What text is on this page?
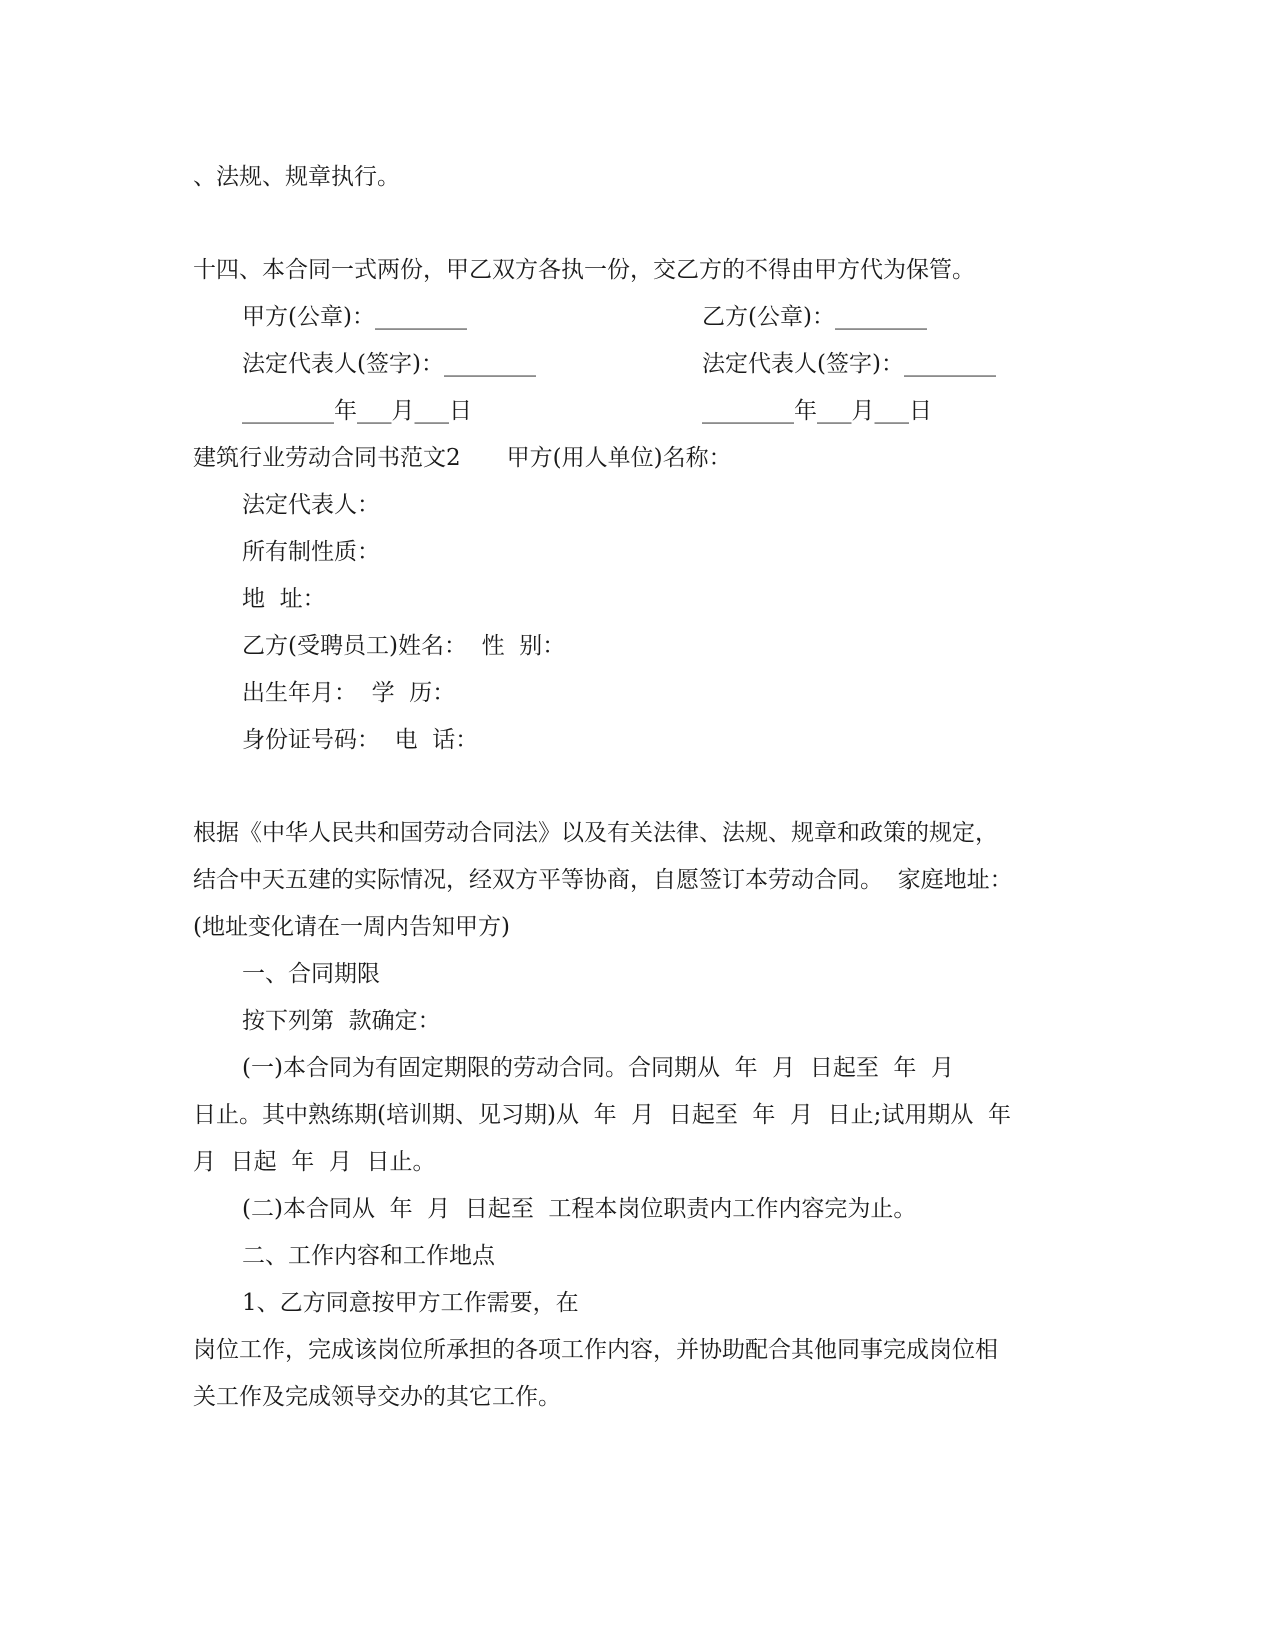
、法规、规章执行。
十四、本合同一式两份，甲乙双方各执一份，交乙方的不得由甲方代为保管。
甲方(公章)：________	乙方(公章)：________
法定代表人(签字)：________	法定代表人(签字)：________
________年___月___日	________年___月___日
建筑行业劳动合同书范文2　　甲方(用人单位)名称：
法定代表人：
所有制性质：
地  址：
乙方(受聘员工)姓名：  性  别：
出生年月：  学  历：
身份证号码：  电  话：
根据《中华人民共和国劳动合同法》以及有关法律、法规、规章和政策的规定，
结合中天五建的实际情况，经双方平等协商，自愿签订本劳动合同。  家庭地址：
(地址变化请在一周内告知甲方)
一、合同期限
按下列第  款确定：
(一)本合同为有固定期限的劳动合同。合同期从  年  月  日起至  年  月
日止。其中熟练期(培训期、见习期)从  年  月  日起至  年  月  日止;试用期从  年
月  日起  年  月  日止。
(二)本合同从  年  月  日起至  工程本岗位职责内工作内容完为止。
二、工作内容和工作地点
1、乙方同意按甲方工作需要，在
岗位工作，完成该岗位所承担的各项工作内容，并协助配合其他同事完成岗位相
关工作及完成领导交办的其它工作。
